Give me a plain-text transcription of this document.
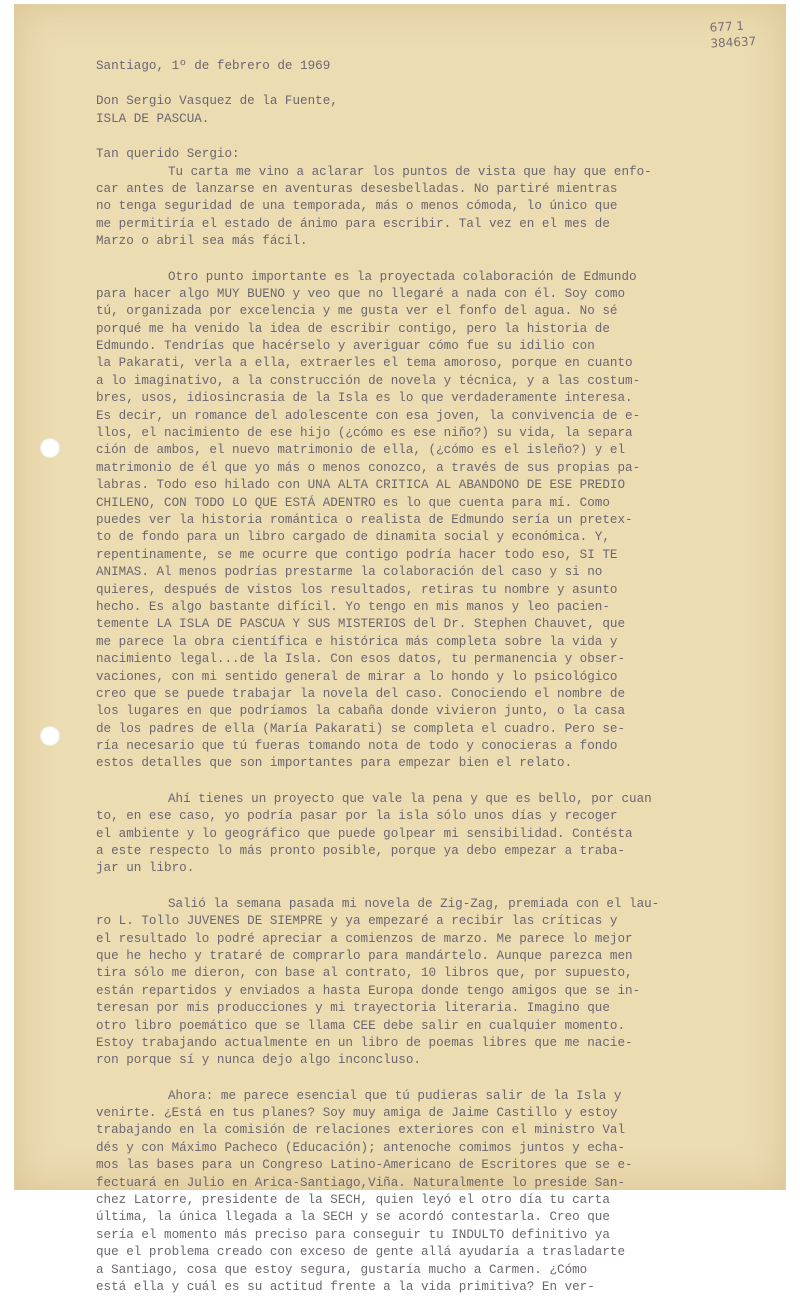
677 1
384637
Santiago, 1º de febrero de 1969
Don Sergio Vasquez de la Fuente,
ISLA DE PASCUA.
Tan querido Sergio:
Tu carta me vino a aclarar los puntos de vista que hay que enfo-
car antes de lanzarse en aventuras desesbelladas. No partiré mientras
no tenga seguridad de una temporada, más o menos cómoda, lo único que
me permitiría el estado de ánimo para escribir. Tal vez en el mes de
Marzo o abril sea más fácil.
Otro punto importante es la proyectada colaboración de Edmundo
para hacer algo MUY BUENO y veo que no llegaré a nada con él. Soy como
tú, organizada por excelencia y me gusta ver el fonfo del agua. No sé
porqué me ha venido la idea de escribir contigo, pero la historia de
Edmundo. Tendrías que hacérselo y averiguar cómo fue su idilio con
la Pakarati, verla a ella, extraerles el tema amoroso, porque en cuanto
a lo imaginativo, a la construcción de novela y técnica, y a las costum-
bres, usos, idiosincrasia de la Isla es lo que verdaderamente interesa.
Es decir, un romance del adolescente con esa joven, la convivencia de e-
llos, el nacimiento de ese hijo (¿cómo es ese niño?) su vida, la separa
ción de ambos, el nuevo matrimonio de ella, (¿cómo es el isleño?) y el
matrimonio de él que yo más o menos conozco, a través de sus propias pa-
labras. Todo eso hilado con UNA ALTA CRITICA AL ABANDONO DE ESE PREDIO
CHILENO, CON TODO LO QUE ESTÁ ADENTRO es lo que cuenta para mí. Como
puedes ver la historia romántica o realista de Edmundo sería un pretex-
to de fondo para un libro cargado de dinamita social y económica. Y,
repentinamente, se me ocurre que contigo podría hacer todo eso, SI TE
ANIMAS. Al menos podrías prestarme la colaboración del caso y si no
quieres, después de vistos los resultados, retiras tu nombre y asunto
hecho. Es algo bastante difícil. Yo tengo en mis manos y leo pacien-
temente LA ISLA DE PASCUA Y SUS MISTERIOS del Dr. Stephen Chauvet, que
me parece la obra científica e histórica más completa sobre la vida y
nacimiento legal...de la Isla. Con esos datos, tu permanencia y obser-
vaciones, con mi sentido general de mirar a lo hondo y lo psicológico
creo que se puede trabajar la novela del caso. Conociendo el nombre de
los lugares en que podríamos la cabaña donde vivieron junto, o la casa
de los padres de ella (María Pakarati) se completa el cuadro. Pero se-
ría necesario que tú fueras tomando nota de todo y conocieras a fondo
estos detalles que son importantes para empezar bien el relato.
Ahí tienes un proyecto que vale la pena y que es bello, por cuan
to, en ese caso, yo podría pasar por la isla sólo unos días y recoger
el ambiente y lo geográfico que puede golpear mi sensibilidad. Contésta
a este respecto lo más pronto posible, porque ya debo empezar a traba-
jar un libro.
Salió la semana pasada mi novela de Zig-Zag, premiada con el lau-
ro L. Tollo JUVENES DE SIEMPRE y ya empezaré a recibir las críticas y
el resultado lo podré apreciar a comienzos de marzo. Me parece lo mejor
que he hecho y trataré de comprarlo para mandártelo. Aunque parezca men
tira sólo me dieron, con base al contrato, 10 libros que, por supuesto,
están repartidos y enviados a hasta Europa donde tengo amigos que se in-
teresan por mis producciones y mi trayectoria literaria. Imagino que
otro libro poemático que se llama CEE debe salir en cualquier momento.
Estoy trabajando actualmente en un libro de poemas libres que me nacie-
ron porque sí y nunca dejo algo inconcluso.
Ahora: me parece esencial que tú pudieras salir de la Isla y
venirte. ¿Está en tus planes? Soy muy amiga de Jaime Castillo y estoy
trabajando en la comisión de relaciones exteriores con el ministro Val
dés y con Máximo Pacheco (Educación); antenoche comimos juntos y echa-
mos las bases para un Congreso Latino-Americano de Escritores que se e-
fectuará en Julio en Arica-Santiago,Viña. Naturalmente lo preside San-
chez Latorre, presidente de la SECH, quien leyó el otro día tu carta
última, la única llegada a la SECH y se acordó contestarla. Creo que
sería el momento más preciso para conseguir tu INDULTO definitivo ya
que el problema creado con exceso de gente allá ayudaría a trasladarte
a Santiago, cosa que estoy segura, gustaría mucho a Carmen. ¿Cómo
está ella y cuál es su actitud frente a la vida primitiva? En ver-
